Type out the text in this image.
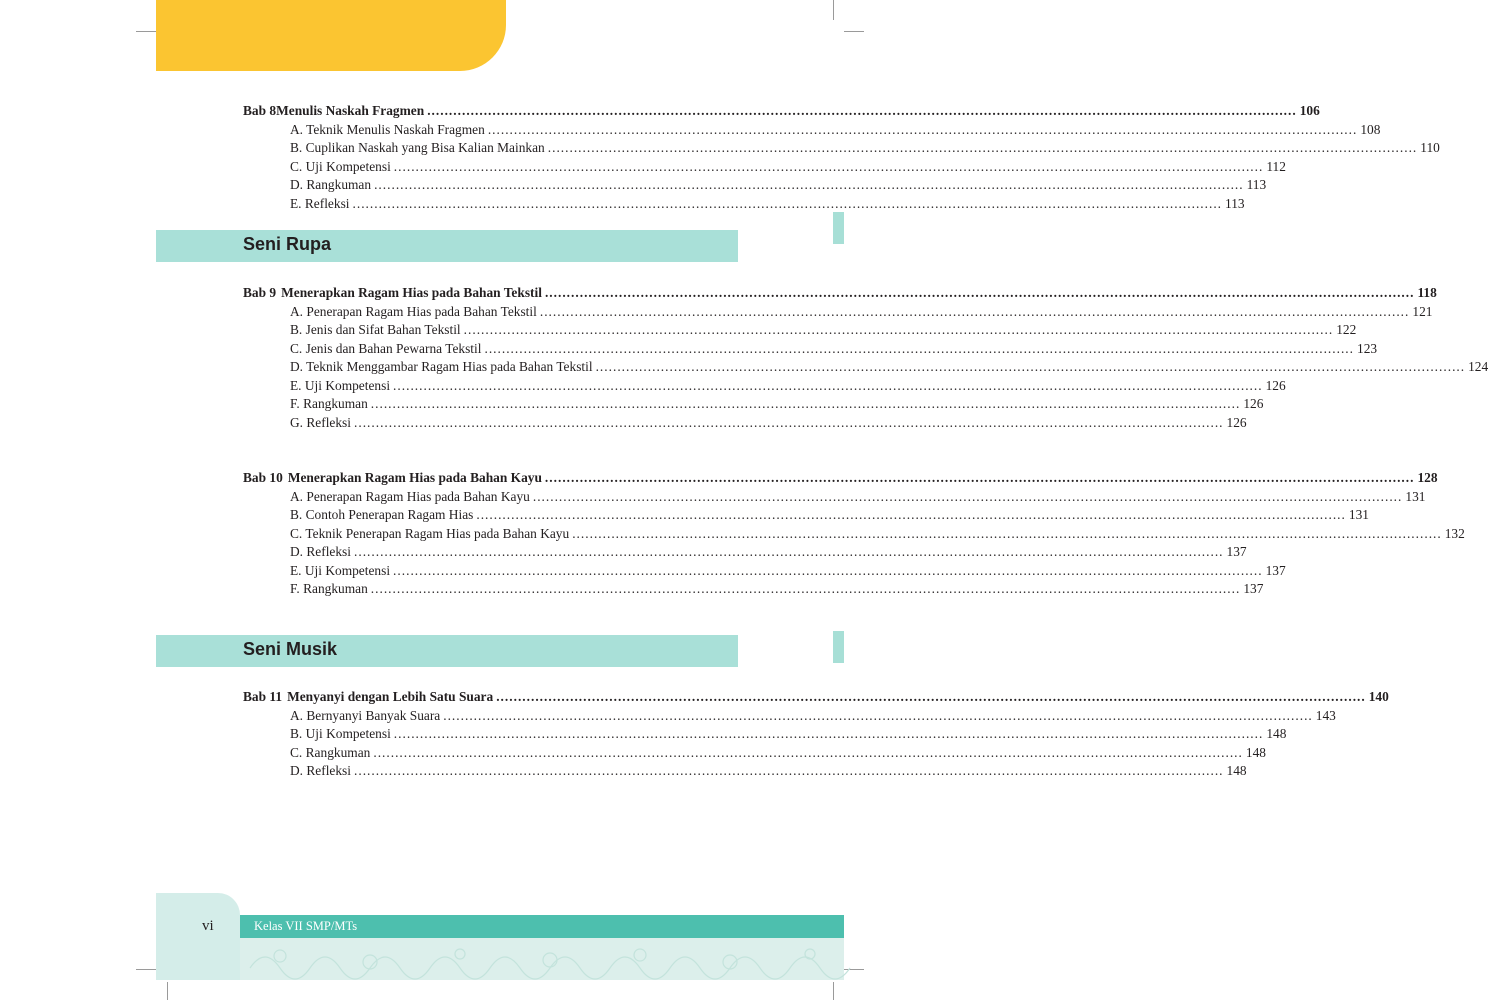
Bab 8 Menulis Naskah Fragmen ........................................................................................................................................................................................................ 106
A. Teknik Menulis Naskah Fragmen ........................................................................................................................................................................................................ 108
B. Cuplikan Naskah yang Bisa Kalian Mainkan ........................................................................................................................................................................................................ 110
C. Uji Kompetensi ........................................................................................................................................................................................................ 112
D. Rangkuman ........................................................................................................................................................................................................ 113
E. Refleksi ........................................................................................................................................................................................................ 113
Seni Rupa
Bab 9 Menerapkan Ragam Hias pada Bahan Tekstil ........................................................................................................................................................................................................ 118
A. Penerapan Ragam Hias pada Bahan Tekstil ........................................................................................................................................................................................................ 121
B. Jenis dan Sifat Bahan Tekstil ........................................................................................................................................................................................................ 122
C. Jenis dan Bahan Pewarna Tekstil ........................................................................................................................................................................................................ 123
D. Teknik Menggambar Ragam Hias pada Bahan Tekstil ........................................................................................................................................................................................................ 124
E. Uji Kompetensi ........................................................................................................................................................................................................ 126
F. Rangkuman ........................................................................................................................................................................................................ 126
G. Refleksi ........................................................................................................................................................................................................ 126
Bab 10 Menerapkan Ragam Hias pada Bahan Kayu ........................................................................................................................................................................................................ 128
A. Penerapan Ragam Hias pada Bahan Kayu ........................................................................................................................................................................................................ 131
B. Contoh Penerapan Ragam Hias ........................................................................................................................................................................................................ 131
C. Teknik Penerapan Ragam Hias pada Bahan Kayu ........................................................................................................................................................................................................ 132
D. Refleksi ........................................................................................................................................................................................................ 137
E. Uji Kompetensi ........................................................................................................................................................................................................ 137
F. Rangkuman ........................................................................................................................................................................................................ 137
Seni Musik
Bab 11 Menyanyi dengan Lebih Satu Suara ........................................................................................................................................................................................................ 140
A. Bernyanyi Banyak Suara ........................................................................................................................................................................................................ 143
B. Uji Kompetensi ........................................................................................................................................................................................................ 148
C. Rangkuman ........................................................................................................................................................................................................ 148
D. Refleksi ........................................................................................................................................................................................................ 148
vi	Kelas VII SMP/MTs
